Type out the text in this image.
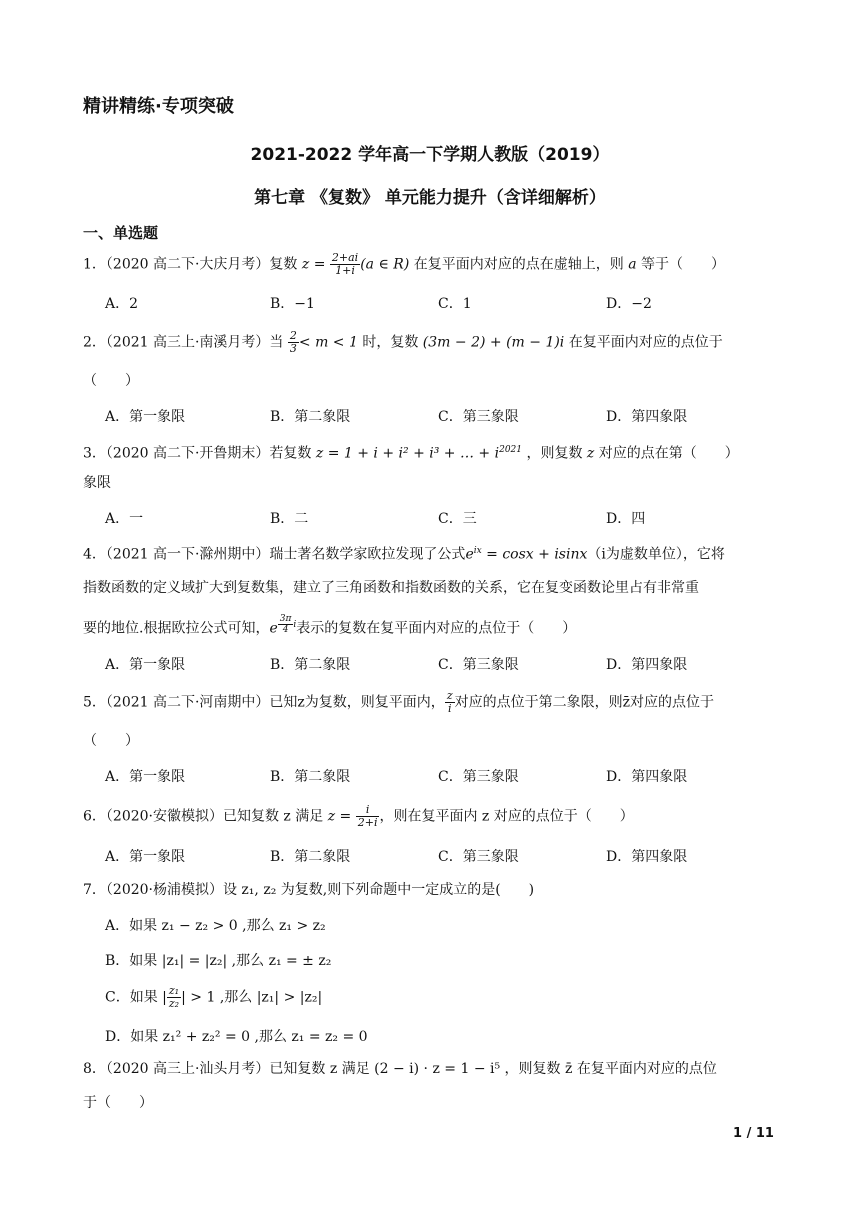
精讲精练·专项突破
2021-2022 学年高一下学期人教版（2019）
第七章 《复数》 单元能力提升（含详细解析）
一、单选题
1．（2020 高二下·大庆月考）复数 $z = \frac{2+ai}{1+i} (a$ ∈ R) 在复平面内对应的点在虚轴上，则 a 等于（　　）
A．2	B．−1	C．1	D．−2
2．（2021 高三上·南溪月考）当 $\frac{2}{3} < m < 1$ 时，复数 (3m − 2) + (m − 1)i 在复平面内对应的点位于
（　　）
A．第一象限	B．第二象限	C．第三象限	D．第四象限
3．（2020 高二下·开鲁期末）若复数 z = 1 + i + i² + i³ + … + $i^{2021}$ ，则复数 z 对应的点在第（　　）
象限
A．一	B．二	C．三	D．四
4．（2021 高一下·滁州期中）瑞士著名数学家欧拉发现了公式$e^{ix} = \cos x + isinx(i$为虚数单位），它将
指数函数的定义域扩大到复数集，建立了三角函数和指数函数的关系，它在复变函数论里占有非常重
要的地位.根据欧拉公式可知，e $^{\frac{3\pi}{4} i}$表示的复数在复平面内对应的点位于（　　）
A．第一象限	B．第二象限	C．第三象限	D．第四象限
5．（2021 高二下·河南期中）已知z为复数，则复平面内， $\frac{z}{i}$ 对应的点位于第二象限，则z̄对应的点位于
（　　）
A．第一象限	B．第二象限	C．第三象限	D．第四象限
6．（2020·安徽模拟）已知复数 z 满足 $z = \frac{i}{2+i}$ ，则在复平面内 z 对应的点位于（　　）
A．第一象限	B．第二象限	C．第三象限	D．第四象限
7．（2020·杨浦模拟）设 z₁, z₂ 为复数,则下列命题中一定成立的是(　　)
A．如果 z₁ − z₂ > 0 ,那么 z₁ > z₂
B．如果 |z₁| = |z₂| ,那么 z₁ = ± z₂
C．如果 | $\frac{\text{z₁}}{\text{z₂}}$ | > 1 ,那么 |z₁| > |z₂|
D．如果 z₁² + z₂² = 0 ,那么 z₁ = z₂ = 0
8．（2020 高三上·汕头月考）已知复数 z 满足 (2 − i) · z = 1 − i⁵ ，则复数 z̄ 在复平面内对应的点位
于（　　）
1 / 11
